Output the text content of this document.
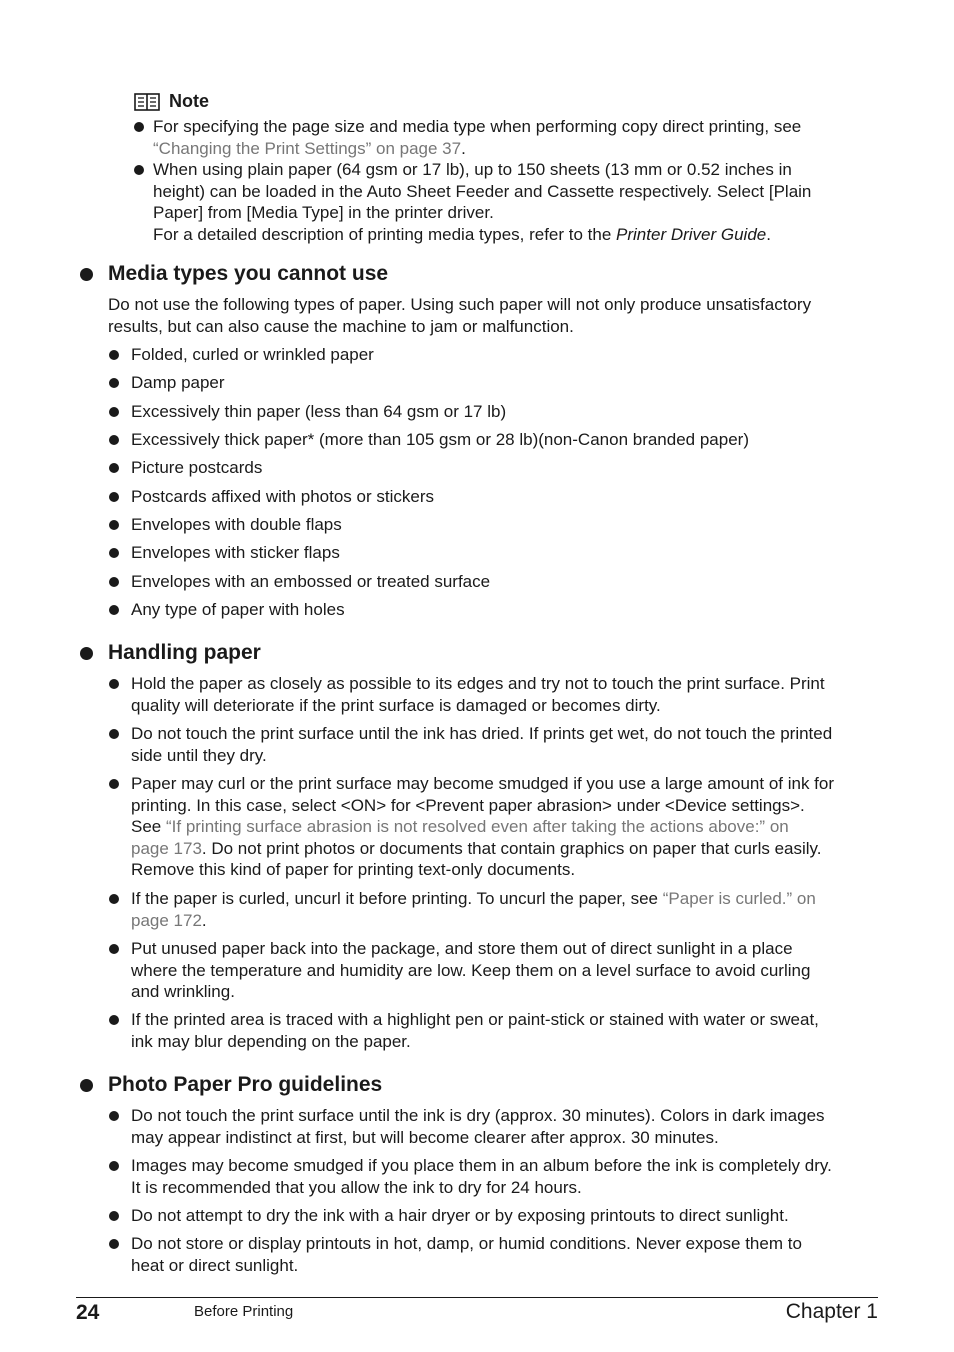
Note
For specifying the page size and media type when performing copy direct printing, see
“Changing the Print Settings” on page 37.
When using plain paper (64 gsm or 17 lb), up to 150 sheets (13 mm or 0.52 inches in
height) can be loaded in the Auto Sheet Feeder and Cassette respectively. Select [Plain
Paper] from [Media Type] in the printer driver.
For a detailed description of printing media types, refer to the Printer Driver Guide.
Media types you cannot use
Do not use the following types of paper. Using such paper will not only produce unsatisfactory
results, but can also cause the machine to jam or malfunction.
Folded, curled or wrinkled paper
Damp paper
Excessively thin paper (less than 64 gsm or 17 lb)
Excessively thick paper* (more than 105 gsm or 28 lb)(non-Canon branded paper)
Picture postcards
Postcards affixed with photos or stickers
Envelopes with double flaps
Envelopes with sticker flaps
Envelopes with an embossed or treated surface
Any type of paper with holes
Handling paper
Hold the paper as closely as possible to its edges and try not to touch the print surface. Print
quality will deteriorate if the print surface is damaged or becomes dirty.
Do not touch the print surface until the ink has dried. If prints get wet, do not touch the printed
side until they dry.
Paper may curl or the print surface may become smudged if you use a large amount of ink for
printing. In this case, select <ON> for <Prevent paper abrasion> under <Device settings>.
See “If printing surface abrasion is not resolved even after taking the actions above:” on
page 173. Do not print photos or documents that contain graphics on paper that curls easily.
Remove this kind of paper for printing text-only documents.
If the paper is curled, uncurl it before printing. To uncurl the paper, see “Paper is curled.” on
page 172.
Put unused paper back into the package, and store them out of direct sunlight in a place
where the temperature and humidity are low. Keep them on a level surface to avoid curling
and wrinkling.
If the printed area is traced with a highlight pen or paint-stick or stained with water or sweat,
ink may blur depending on the paper.
Photo Paper Pro guidelines
Do not touch the print surface until the ink is dry (approx. 30 minutes). Colors in dark images
may appear indistinct at first, but will become clearer after approx. 30 minutes.
Images may become smudged if you place them in an album before the ink is completely dry.
It is recommended that you allow the ink to dry for 24 hours.
Do not attempt to dry the ink with a hair dryer or by exposing printouts to direct sunlight.
Do not store or display printouts in hot, damp, or humid conditions. Never expose them to
heat or direct sunlight.
24	Before Printing	Chapter 1
